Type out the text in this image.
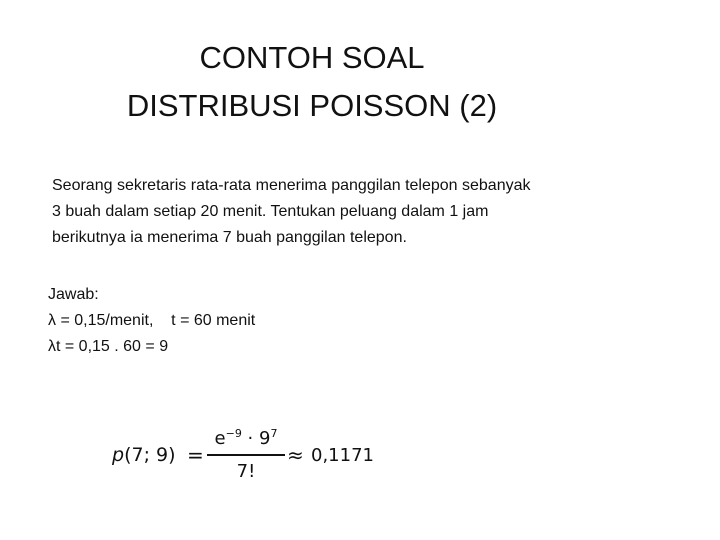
CONTOH SOAL
DISTRIBUSI POISSON (2)
Seorang sekretaris rata-rata menerima panggilan telepon sebanyak
3 buah dalam setiap 20 menit. Tentukan peluang dalam 1 jam
berikutnya ia menerima 7 buah panggilan telepon.
Jawab:
λ = 0,15/menit,    t = 60 menit
λt = 0,15 . 60 = 9
p(7; 9) =
$e^{-9} \cdot 9^7$
7!
≈ 0,1171
